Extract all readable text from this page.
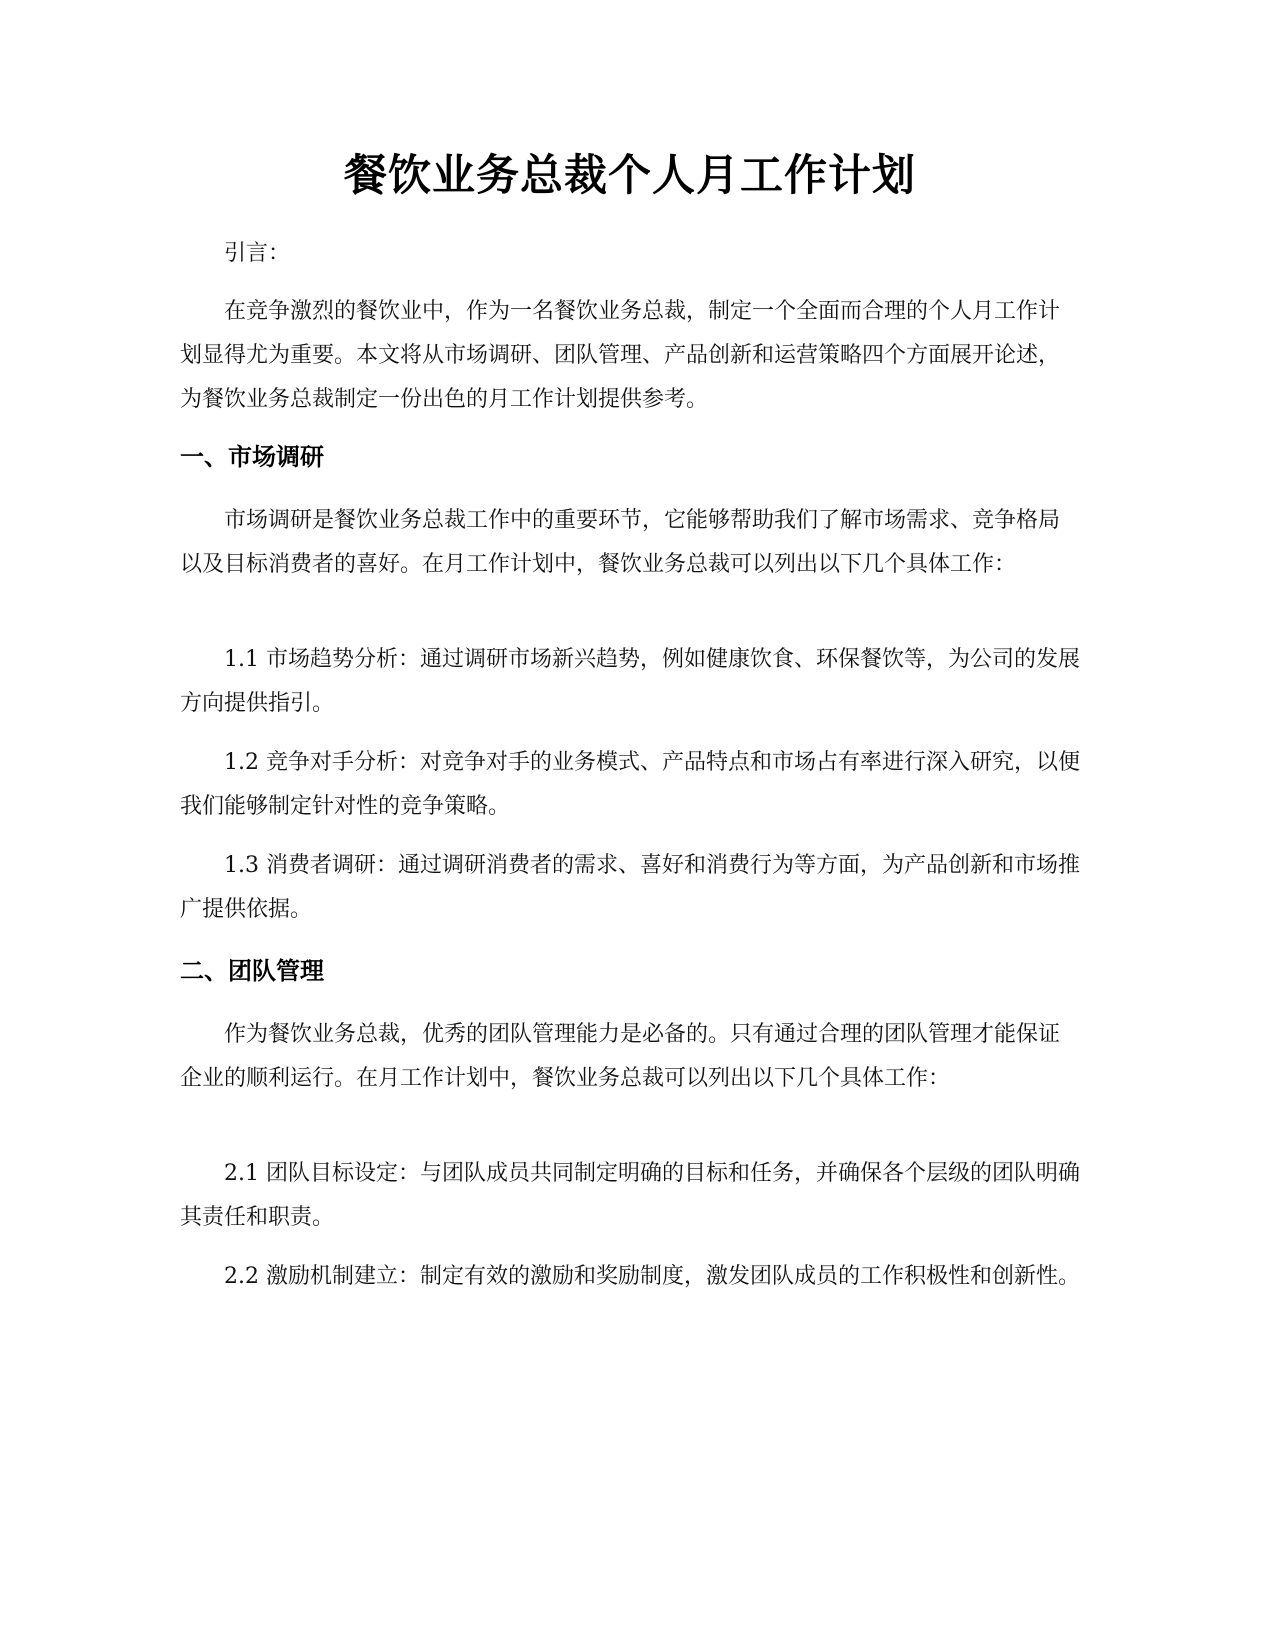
餐饮业务总裁个人月工作计划

引言：

在竞争激烈的餐饮业中，作为一名餐饮业务总裁，制定一个全面而合理的个人月工作计划显得尤为重要。本文将从市场调研、团队管理、产品创新和运营策略四个方面展开论述，为餐饮业务总裁制定一份出色的月工作计划提供参考。

一、市场调研

市场调研是餐饮业务总裁工作中的重要环节，它能够帮助我们了解市场需求、竞争格局以及目标消费者的喜好。在月工作计划中，餐饮业务总裁可以列出以下几个具体工作：

1.1 市场趋势分析：通过调研市场新兴趋势，例如健康饮食、环保餐饮等，为公司的发展方向提供指引。

1.2 竞争对手分析：对竞争对手的业务模式、产品特点和市场占有率进行深入研究，以便我们能够制定针对性的竞争策略。

1.3 消费者调研：通过调研消费者的需求、喜好和消费行为等方面，为产品创新和市场推广提供依据。

二、团队管理

作为餐饮业务总裁，优秀的团队管理能力是必备的。只有通过合理的团队管理才能保证企业的顺利运行。在月工作计划中，餐饮业务总裁可以列出以下几个具体工作：

2.1 团队目标设定：与团队成员共同制定明确的目标和任务，并确保各个层级的团队明确其责任和职责。

2.2 激励机制建立：制定有效的激励和奖励制度，激发团队成员的工作积极性和创新性。
